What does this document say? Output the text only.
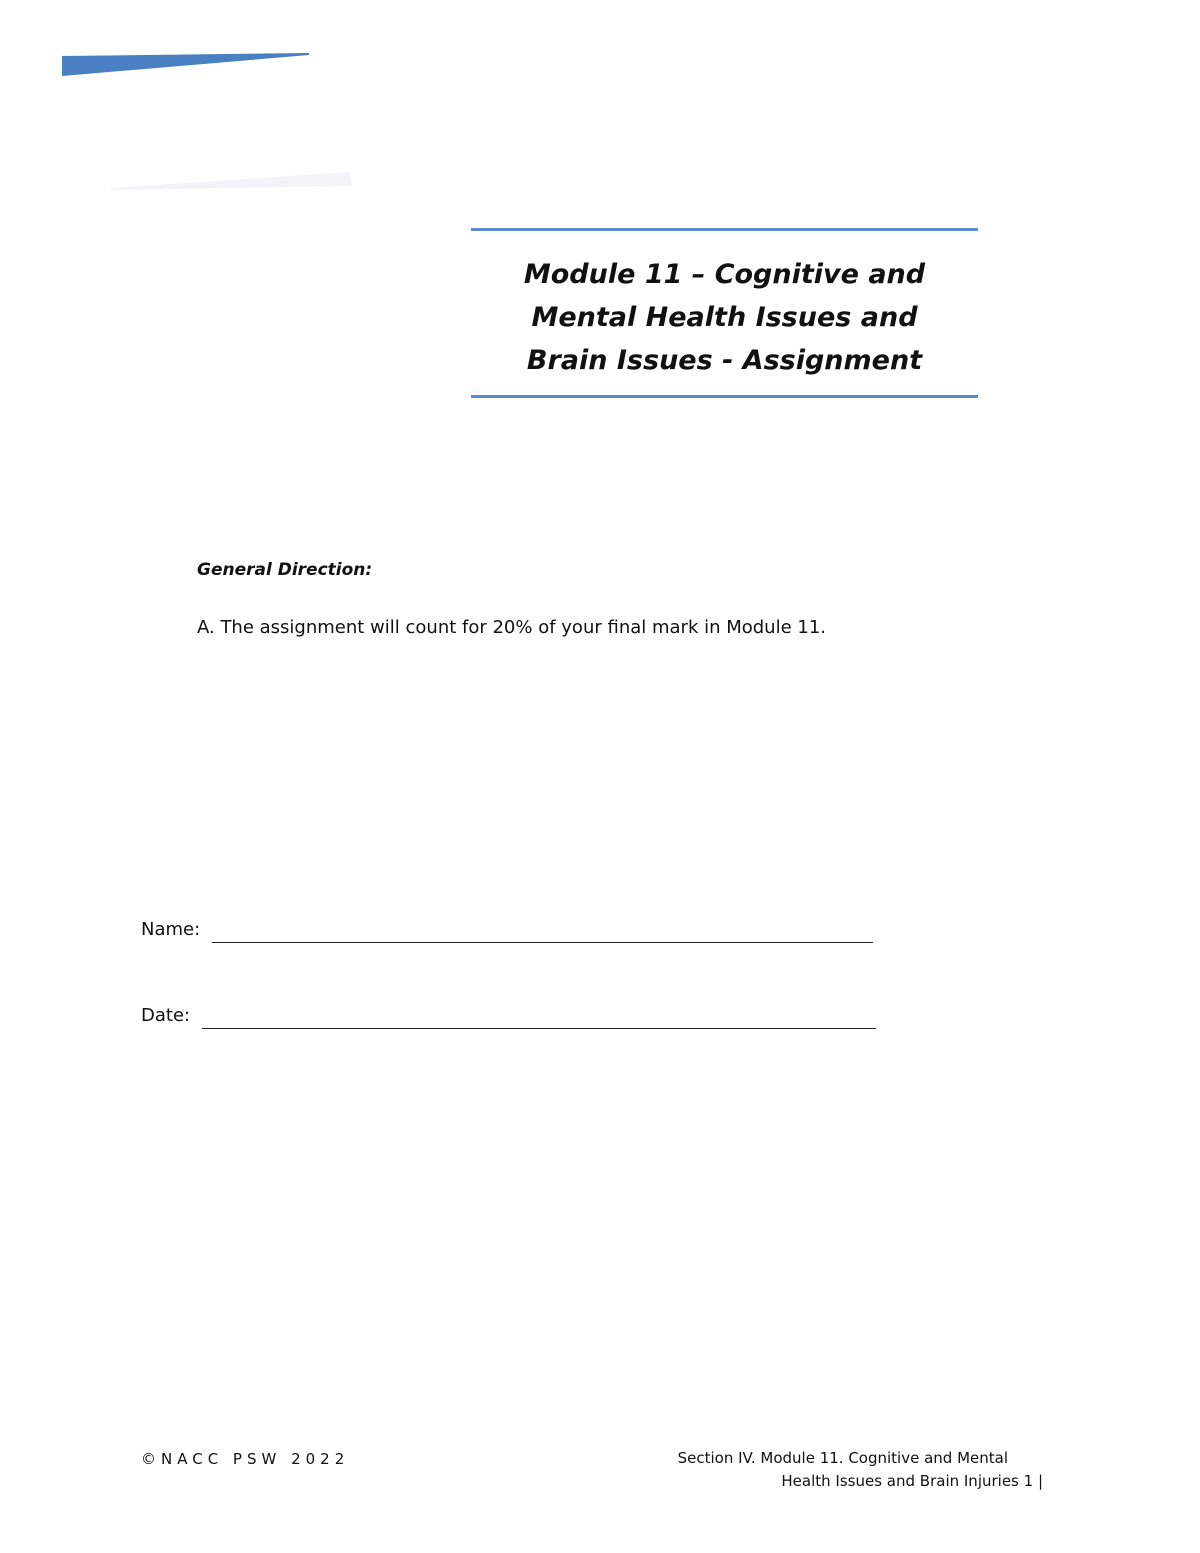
Module 11 – Cognitive and
Mental Health Issues and
Brain Issues - Assignment
General Direction:
A. The assignment will count for 20% of your final mark in Module 11.
Name:
Date:
©NACC PSW 2022	Section IV. Module 11. Cognitive and Mental
Health Issues and Brain Injuries 1 |
